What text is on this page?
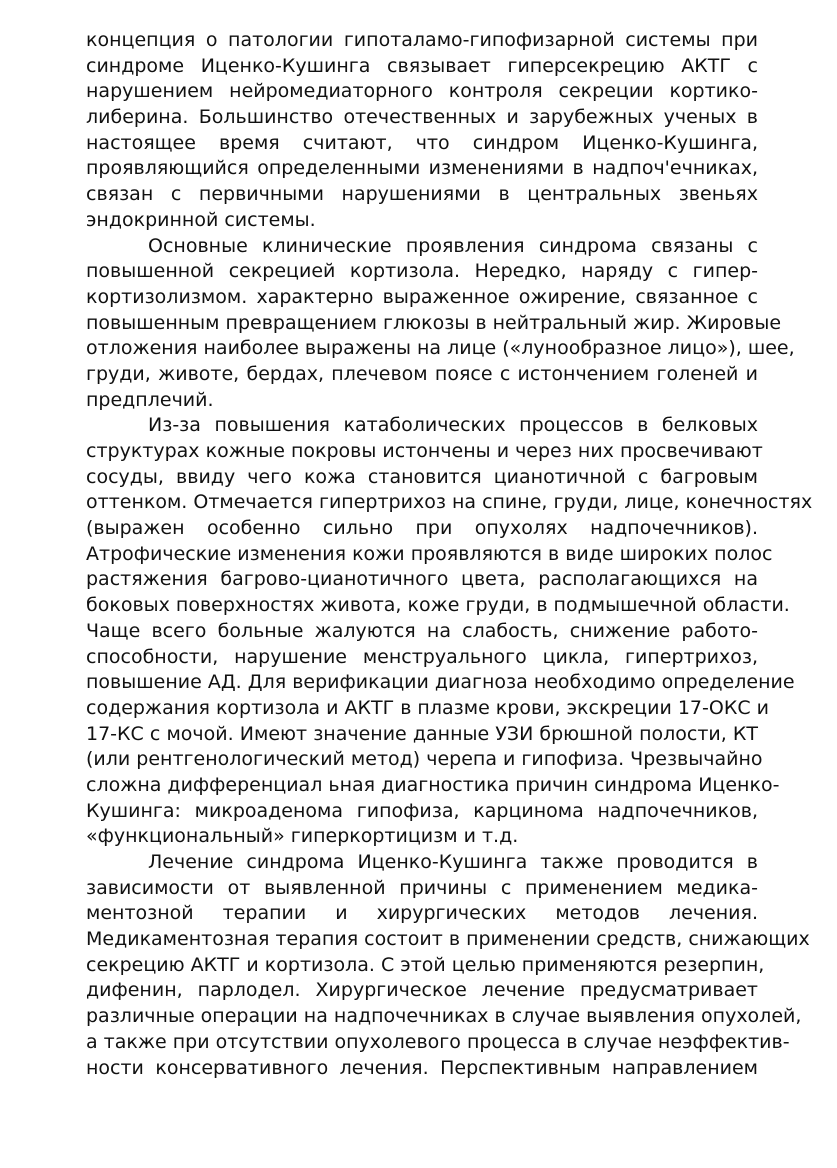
концепция о патологии гипоталамо-гипофизарной системы при
синдроме Иценко-Кушинга связывает гиперсекрецию АКТГ с
нарушением нейромедиаторного контроля секреции кортико-
либерина. Большинство отечественных и зарубежных ученых в
настоящее время считают, что синдром Иценко-Кушинга,
проявляющийся определенными изменениями в надпоч'ечниках,
связан с первичными нарушениями в центральных звеньях
эндокринной системы.
Основные клинические проявления синдрома связаны с
повышенной секрецией кортизола. Нередко, наряду с гипер-
кортизолизмом. характерно выраженное ожирение, связанное с
повышенным превращением глюкозы в нейтральный жир. Жировые
отложения наиболее выражены на лице («лунообразное лицо»), шее,
груди, животе, бердах, плечевом поясе с истончением голеней и
предплечий.
Из-за повышения катаболических процессов в белковых
структурах кожные покровы истончены и через них просвечивают
сосуды, ввиду чего кожа становится цианотичной с багровым
оттенком. Отмечается гипертрихоз на спине, груди, лице, конечностях
(выражен особенно сильно при опухолях надпочечников).
Атрофические изменения кожи проявляются в виде широких полос
растяжения багрово-цианотичного цвета, располагающихся на
боковых поверхностях живота, коже груди, в подмышечной области.
Чаще всего больные жалуются на слабость, снижение работо-
способности, нарушение менструального цикла, гипертрихоз,
повышение АД. Для верификации диагноза необходимо определение
содержания кортизола и АКТГ в плазме крови, экскреции 17-ОКС и
17-КС с мочой. Имеют значение данные УЗИ брюшной полости, КТ
(или рентгенологический метод) черепа и гипофиза. Чрезвычайно
сложна дифференциал ьная диагностика причин синдрома Иценко-
Кушинга: микроаденома гипофиза, карцинома надпочечников,
«функциональный» гиперкортицизм и т.д.
Лечение синдрома Иценко-Кушинга также проводится в
зависимости от выявленной причины с применением медика-
ментозной терапии и хирургических методов лечения.
Медикаментозная терапия состоит в применении средств, снижающих
секрецию АКТГ и кортизола. С этой целью применяются резерпин,
дифенин, парлодел. Хирургическое лечение предусматривает
различные операции на надпочечниках в случае выявления опухолей,
а также при отсутствии опухолевого процесса в случае неэффектив-
ности консервативного лечения. Перспективным направлением
